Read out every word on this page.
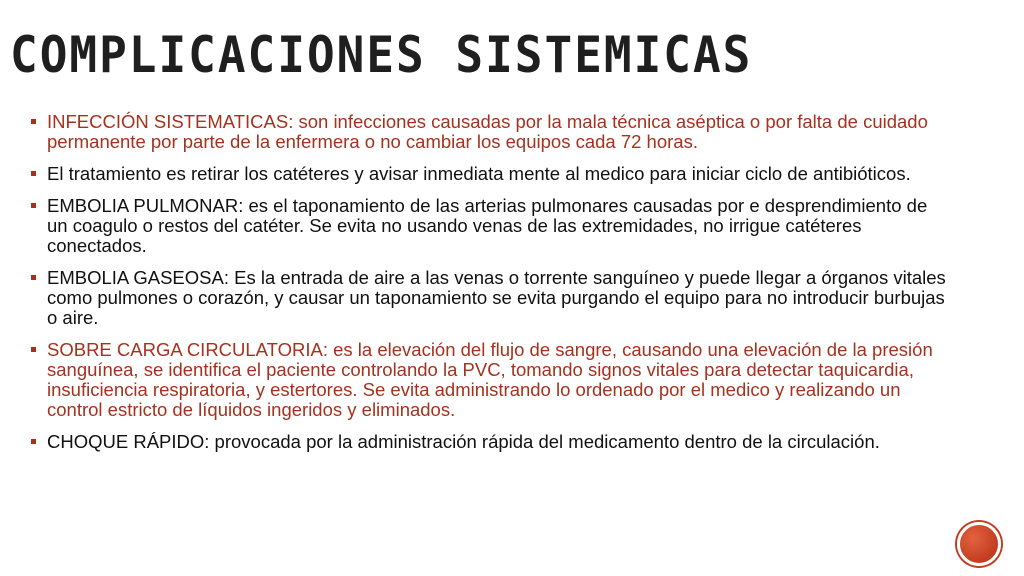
COMPLICACIONES SISTEMICAS
INFECCIÓN SISTEMATICAS: son infecciones causadas por la mala técnica aséptica o por falta de cuidado permanente por parte de la enfermera o no cambiar los equipos cada 72 horas.
El tratamiento es retirar los catéteres y avisar inmediata mente al medico para iniciar ciclo de antibióticos.
EMBOLIA PULMONAR: es el taponamiento de las arterias pulmonares causadas por e desprendimiento de un coagulo o restos del catéter. Se evita no usando venas de las extremidades, no irrigue catéteres conectados.
EMBOLIA GASEOSA: Es la entrada de aire a las venas o torrente sanguíneo y puede llegar a órganos vitales como pulmones o corazón, y causar un taponamiento se evita purgando el equipo para no introducir burbujas o aire.
SOBRE CARGA CIRCULATORIA: es la elevación del flujo de sangre, causando una elevación de la presión sanguínea, se identifica el paciente controlando la PVC, tomando signos vitales para detectar taquicardia, insuficiencia respiratoria, y estertores. Se evita administrando lo ordenado por el medico y realizando un control estricto de líquidos ingeridos y eliminados.
CHOQUE RÁPIDO: provocada por la administración rápida del medicamento dentro de la circulación.
